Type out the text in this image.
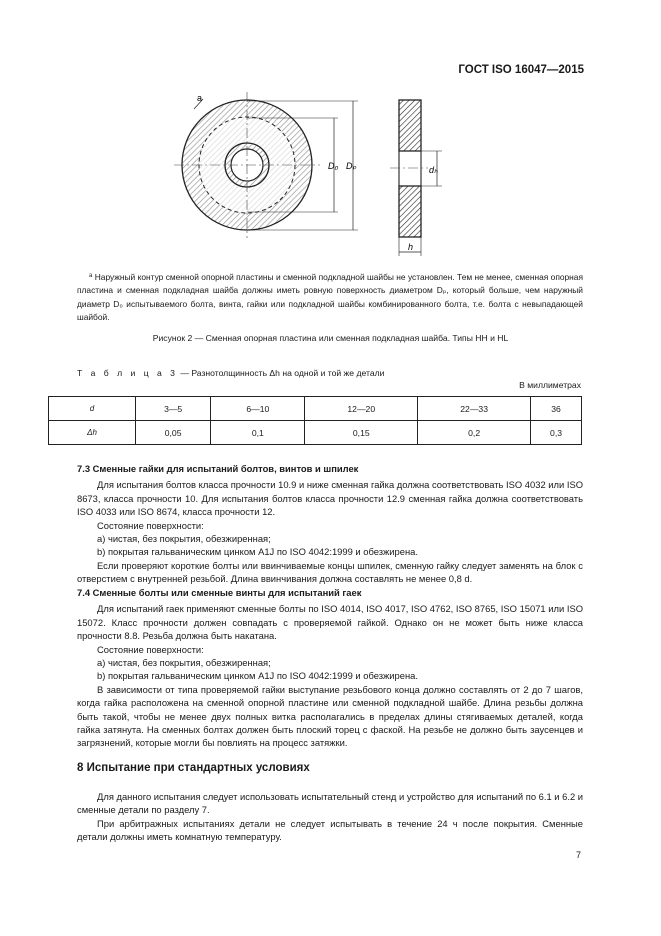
ГОСТ ISO 16047—2015
a
D₀ Dₚ	dₕ
h
$^a$ Наружный контур сменной опорной пластины и сменной подкладной шайбы не установлен. Тем не менее, сменная опорная пластина и сменная подкладная шайба должны иметь ровную поверхность диаметром Dₚ, который больше, чем наружный диаметр D₀ испытываемого болта, винта, гайки или подкладной шайбы комбинированного болта, т.е. болта с невыпадающей шайбой.
Рисунок 2 — Сменная опорная пластина или сменная подкладная шайба. Типы НН и HL
Т а б л и ц а 3 — Разнотолщинность Δh на одной и той же детали
В миллиметрах
d	3—5	6—10	12—20	22—33	36
Δh	0,05	0,1	0,15	0,2	0,3

7.3 Сменные гайки для испытаний болтов, винтов и шпилек

Для испытания болтов класса прочности 10.9 и ниже сменная гайка должна соответствовать ISO 4032 или ISO 8673, класса прочности 10. Для испытания болтов класса прочности 12.9 сменная гайка должна соответствовать ISO 4033 или ISO 8674, класса прочности 12.

Состояние поверхности:

a) чистая, без покрытия, обезжиренная;

b) покрытая гальваническим цинком A1J по ISO 4042:1999 и обезжирена.

Если проверяют короткие болты или ввинчиваемые концы шпилек, сменную гайку следует заменять на блок с отверстием с внутренней резьбой. Длина ввинчивания должна составлять не менее 0,8 d.

7.4 Сменные болты или сменные винты для испытаний гаек

Для испытаний гаек применяют сменные болты по ISO 4014, ISO 4017, ISO 4762, ISO 8765, ISO 15071 или ISO 15072. Класс прочности должен совпадать с проверяемой гайкой. Однако он не может быть ниже класса прочности 8.8. Резьба должна быть накатана.

Состояние поверхности:

a) чистая, без покрытия, обезжиренная;

b) покрытая гальваническим цинком A1J по ISO 4042:1999 и обезжирена.

В зависимости от типа проверяемой гайки выступание резьбового конца должно составлять от 2 до 7 шагов, когда гайка расположена на сменной опорной пластине или сменной подкладной шайбе. Длина резьбы должна быть такой, чтобы не менее двух полных витка располагались в пределах длины стягиваемых деталей, когда гайка затянута. На сменных болтах должен быть плоский торец с фаской. На резьбе не должно быть заусенцев и загрязнений, которые могли бы повлиять на процесс затяжки.

8 Испытание при стандартных условиях

Для данного испытания следует использовать испытательный стенд и устройство для испытаний по 6.1 и 6.2 и сменные детали по разделу 7.

При арбитражных испытаниях детали не следует испытывать в течение 24 ч после покрытия. Сменные детали должны иметь комнатную температуру.

7
